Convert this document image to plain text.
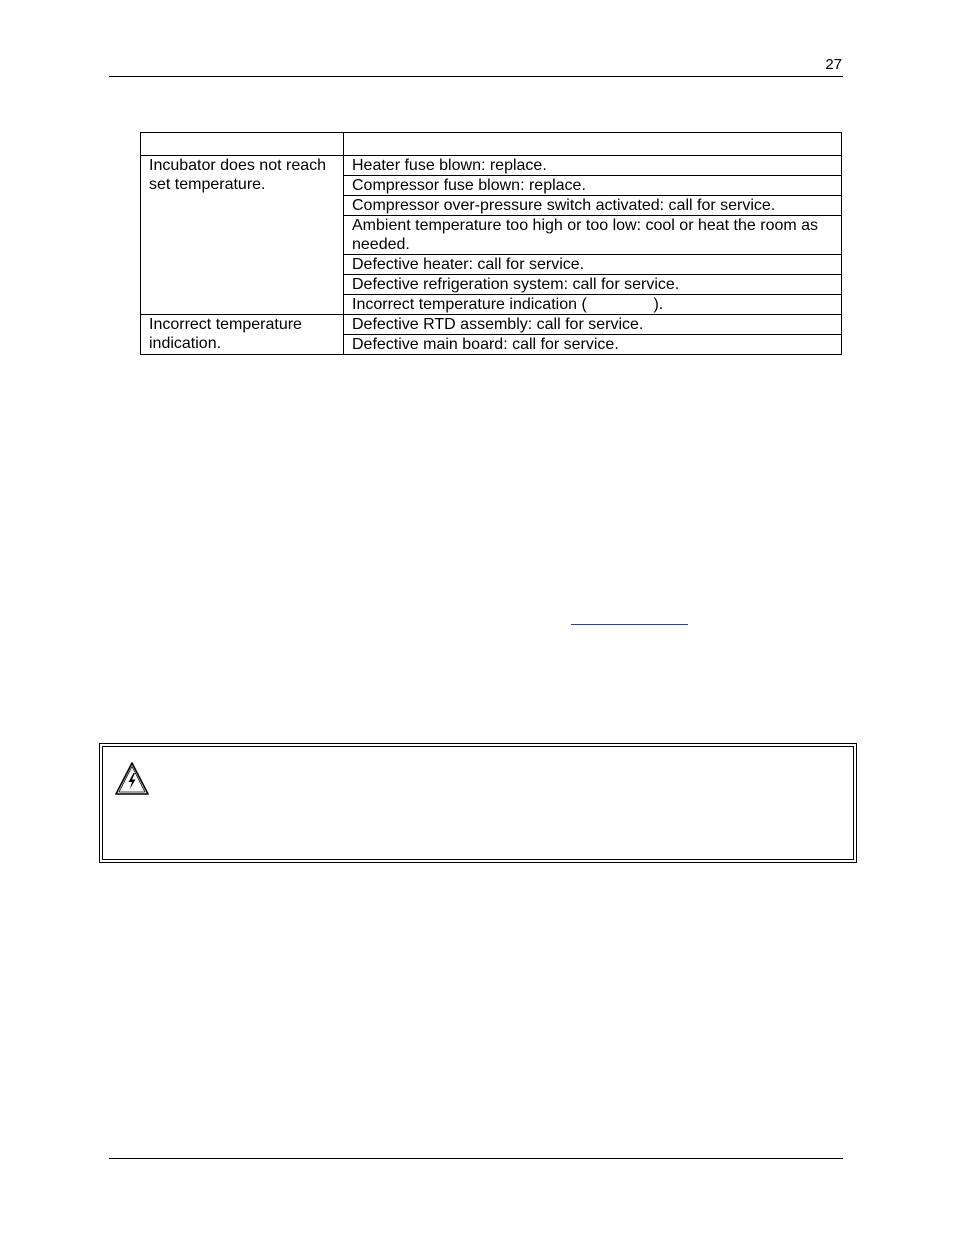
27

Incubator does not reach set temperature.	Heater fuse blown: replace.
	Compressor fuse blown: replace.
	Compressor over-pressure switch activated: call for service.
	Ambient temperature too high or too low: cool or heat the room as needed.
	Defective heater: call for service.
	Defective refrigeration system: call for service.
	Incorrect temperature indication (               ).
Incorrect temperature indication.	Defective RTD assembly: call for service.
	Defective main board: call for service.
